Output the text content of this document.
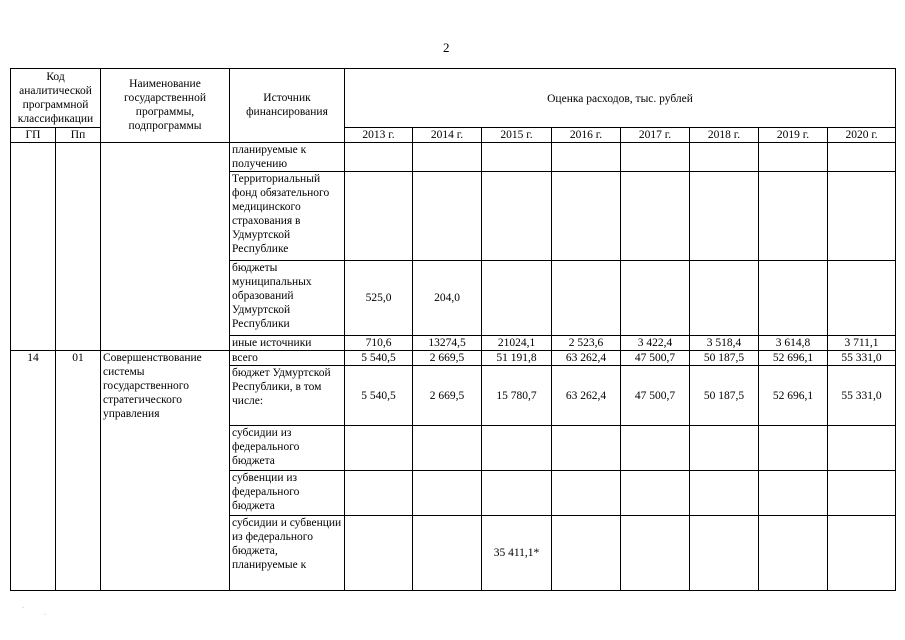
2
Код аналитической программной классификации		Наименование государственной программы, подпрограммы	Источник финансирования	Оценка расходов, тыс. рублей							
ГП	Пп			2013 г.	2014 г.	2015 г.	2016 г.	2017 г.	2018 г.	2019 г.	2020 г.
			планируемые к получению								
			Территориальный фонд обязательного медицинского страхования в Удмуртской Республике								
			бюджеты муниципальных образований Удмуртской Республики	525,0	204,0						
			иные источники	710,6	13274,5	21024,1	2 523,6	3 422,4	3 518,4	3 614,8	3 711,1
14	01	Совершенствование системы государственного стратегического управления	всего	5 540,5	2 669,5	51 191,8	63 262,4	47 500,7	50 187,5	52 696,1	55 331,0
			бюджет Удмуртской Республики, в том числе:	5 540,5	2 669,5	15 780,7	63 262,4	47 500,7	50 187,5	52 696,1	55 331,0
			субсидии из федерального бюджета								
			субвенции из федерального бюджета								
			субсидии и субвенции из федерального бюджета, планируемые к			35 411,1*					
·
·
